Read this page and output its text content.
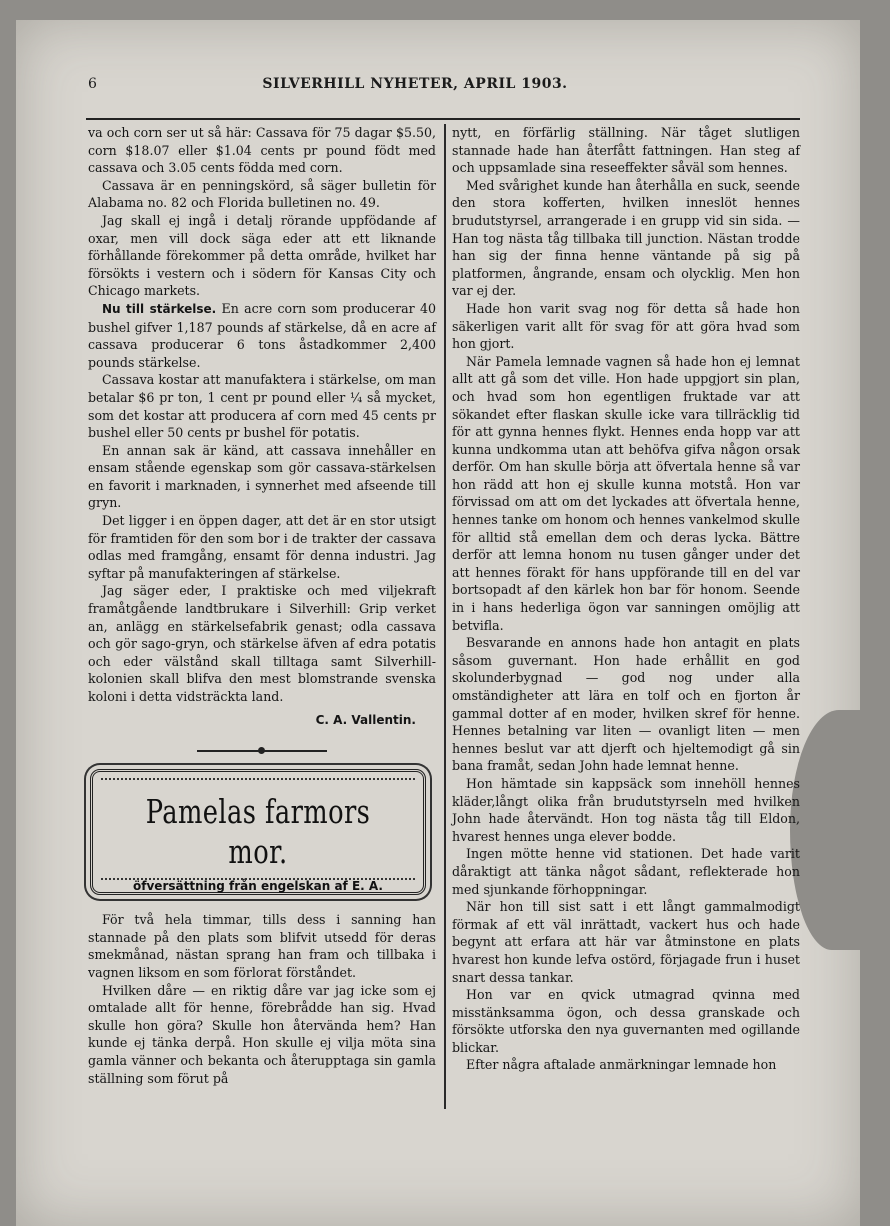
6	SILVERHILL NYHETER, APRIL 1903.

va och corn ser ut så här: Cassava för 75 dagar $5.50, corn $18.07 eller $1.04 cents pr pound födt med cassava och 3.05 cents födda med corn.

Cassava är en penningskörd, så säger bulletin för Alabama no. 82 och Florida bulletinen no. 49.

Jag skall ej ingå i detalj rörande uppfödande af oxar, men vill dock säga eder att ett liknande förhållande förekommer på detta område, hvilket har försökts i vestern och i södern för Kansas City och Chicago markets.

Nu till stärkelse. En acre corn som producerar 40 bushel gifver 1,187 pounds af stärkelse, då en acre af cassava producerar 6 tons åstadkommer 2,400 pounds stärkelse.

Cassava kostar att manufaktera i stärkelse, om man betalar $6 pr ton, 1 cent pr pound eller ¼ så mycket, som det kostar att producera af corn med 45 cents pr bushel eller 50 cents pr bushel för potatis.

En annan sak är känd, att cassava innehåller en ensam stående egenskap som gör cassava-stärkelsen en favorit i marknaden, i synnerhet med afseende till gryn.

Det ligger i en öppen dager, att det är en stor utsigt för framtiden för den som bor i de trakter der cassava odlas med framgång, ensamt för denna industri. Jag syftar på manufakteringen af stärkelse.

Jag säger eder, I praktiske och med viljekraft framåtgående landtbrukare i Silverhill: Grip verket an, anlägg en stärkelsefabrik genast; odla cassava och gör sago-gryn, och stärkelse äfven af edra potatis och eder välstånd skall tilltaga samt Silverhill-kolonien skall blifva den mest blomstrande svenska koloni i detta vidsträckta land.

C. A. Vallentin.
Pamelas farmors mor.
öfversättning från engelskan af E. A.

För två hela timmar, tills dess i sanning han stannade på den plats som blifvit utsedd för deras smekmånad, nästan sprang han fram och tillbaka i vagnen liksom en som förlorat förståndet.

Hvilken dåre — en riktig dåre var jag icke som ej omtalade allt för henne, förebrådde han sig. Hvad skulle hon göra? Skulle hon återvända hem? Han kunde ej tänka derpå. Hon skulle ej vilja möta sina gamla vänner och bekanta och återupptaga sin gamla ställning som förut på

nytt, en förfärlig ställning. När tåget slutligen stannade hade han återfått fattningen. Han steg af och uppsamlade sina reseeffekter såväl som hennes.

Med svårighet kunde han återhålla en suck, seende den stora kofferten, hvilken inneslöt hennes brudutstyrsel, arrangerade i en grupp vid sin sida. — Han tog nästa tåg tillbaka till junction. Nästan trodde han sig der finna henne väntande på sig på platformen, ångrande, ensam och olycklig. Men hon var ej der.

Hade hon varit svag nog för detta så hade hon säkerligen varit allt för svag för att göra hvad som hon gjort.

När Pamela lemnade vagnen så hade hon ej lemnat allt att gå som det ville. Hon hade uppgjort sin plan, och hvad som hon egentligen fruktade var att sökandet efter flaskan skulle icke vara tillräcklig tid för att gynna hennes flykt. Hennes enda hopp var att kunna undkomma utan att behöfva gifva någon orsak derför. Om han skulle börja att öfvertala henne så var hon rädd att hon ej skulle kunna motstå. Hon var förvissad om att om det lyckades att öfvertala henne, hennes tanke om honom och hennes vankelmod skulle för alltid stå emellan dem och deras lycka. Bättre derför att lemna honom nu tusen gånger under det att hennes förakt för hans uppförande till en del var bortsopadt af den kärlek hon bar för honom. Seende in i hans hederliga ögon var sanningen omöjlig att betvifla.

Besvarande en annons hade hon antagit en plats såsom guvernant. Hon hade erhållit en god skolunderbygnad — god nog under alla omständigheter att lära en tolf och en fjorton år gammal dotter af en moder, hvilken skref för henne. Hennes betalning var liten — ovanligt liten — men hennes beslut var att djerft och hjeltemodigt gå sin bana framåt, sedan John hade lemnat henne.

Hon hämtade sin kappsäck som innehöll hennes kläder,långt olika från brudutstyrseln med hvilken John hade återvändt. Hon tog nästa tåg till Eldon, hvarest hennes unga elever bodde.

Ingen mötte henne vid stationen. Det hade varit dåraktigt att tänka något sådant, reflekterade hon med sjunkande förhoppningar.

När hon till sist satt i ett långt gammalmodigt förmak af ett väl inrättadt, vackert hus och hade begynt att erfara att här var åtminstone en plats hvarest hon kunde lefva ostörd, förjagade frun i huset snart dessa tankar.

Hon var en qvick utmagrad qvinna med misstänksamma ögon, och dessa granskade och försökte utforska den nya guvernanten med ogillande blickar.

Efter några aftalade anmärkningar lemnade hon
